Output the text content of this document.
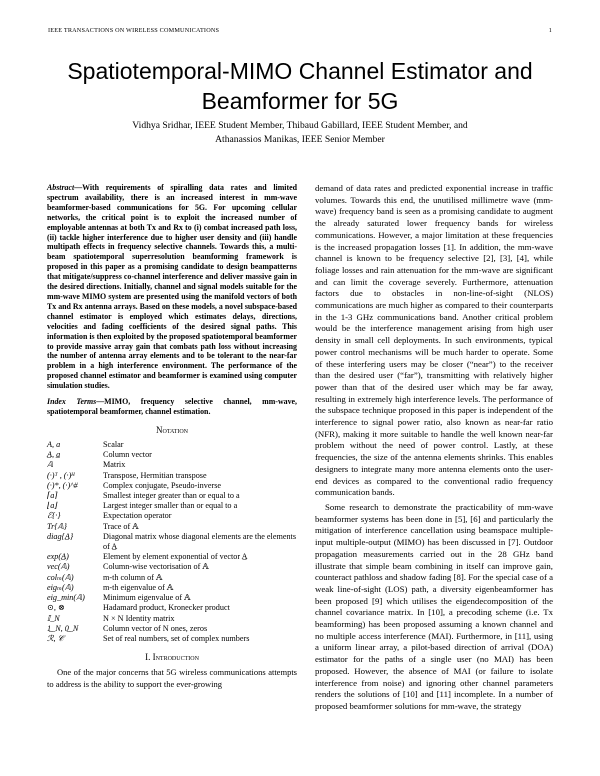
IEEE TRANSACTIONS ON WIRELESS COMMUNICATIONS	1
Spatiotemporal-MIMO Channel Estimator and Beamformer for 5G
Vidhya Sridhar, IEEE Student Member, Thibaud Gabillard, IEEE Student Member, and
Athanassios Manikas, IEEE Senior Member
Abstract—With requirements of spiralling data rates and limited spectrum availability, there is an increased interest in mm-wave beamformer-based communications for 5G. For upcoming cellular networks, the critical point is to exploit the increased number of employable antennas at both Tx and Rx to (i) combat increased path loss, (ii) tackle higher interference due to higher user density and (iii) handle multipath effects in frequency selective channels. Towards this, a multi-beam spatiotemporal superresolution beamforming framework is proposed in this paper as a promising candidate to design beampatterns that mitigate/suppress co-channel interference and deliver massive gain in the desired directions. Initially, channel and signal models suitable for the mm-wave MIMO system are presented using the manifold vectors of both Tx and Rx antenna arrays. Based on these models, a novel subspace-based channel estimator is employed which estimates delays, directions, velocities and fading coefficients of the desired signal paths. This information is then exploited by the proposed spatiotemporal beamformer to provide massive array gain that combats path loss without increasing the number of antenna array elements and to be tolerant to the near-far problem in a high interference environment. The performance of the proposed channel estimator and beamformer is examined using computer simulation studies.
Index Terms—MIMO, frequency selective channel, mm-wave, spatiotemporal beamformer, channel estimation.
Notation
A, a	Scalar
A̲, a̲	Column vector
𝔸	Matrix
(·)ᵀ , (·)ᴴ	Transpose, Hermitian transpose
(·)*, (·)^#	Complex conjugate, Pseudo-inverse
⌈a⌉	Smallest integer greater than or equal to a
⌊a⌋	Largest integer smaller than or equal to a
ℰ{·}	Expectation operator
Tr{𝔸}	Trace of 𝔸
diag{A̲}	Diagonal matrix whose diagonal elements are the elements of A̲
exp(A̲)	Element by element exponential of vector A̲
vec(𝔸)	Column-wise vectorisation of 𝔸
colₘ(𝔸)	m-th column of 𝔸
eigₘ(𝔸)	m-th eigenvalue of 𝔸
eig_min(𝔸)	Minimum eigenvalue of 𝔸
⊙, ⊗	Hadamard product, Kronecker product
𝕀_N	N × N Identity matrix
1̲_N, 0̲_N	Column vector of N ones, zeros
ℛ, 𝒞	Set of real numbers, set of complex numbers
I. Introduction

One of the major concerns that 5G wireless communications attempts to address is the ability to support the ever-growing

demand of data rates and predicted exponential increase in traffic volumes. Towards this end, the unutilised millimetre wave (mm-wave) frequency band is seen as a promising candidate to augment the already saturated lower frequency bands for wireless communications. However, a major limitation at these frequencies is the increased propagation losses [1]. In addition, the mm-wave channel is known to be frequency selective [2], [3], [4], while foliage losses and rain attenuation for the mm-wave are significant and can limit the coverage severely. Furthermore, attenuation factors due to obstacles in non-line-of-sight (NLOS) communications are much higher as compared to their counterparts in the 1-3 GHz communications band. Another critical problem would be the interference management arising from high user density in small cell deployments. In such environments, typical power control mechanisms will be much harder to operate. Some of these interfering users may be closer (“near”) to the receiver than the desired user (“far”), transmitting with relatively higher power than that of the desired user which may be far away, resulting in extremely high interference levels. The performance of the subspace technique proposed in this paper is independent of the interference to signal power ratio, also known as near-far ratio (NFR), making it more suitable to handle the well known near-far problem without the need of power control. Lastly, at these frequencies, the size of the antenna elements shrinks. This enables designers to integrate many more antenna elements onto the user-end devices as compared to the conventional radio frequency communication bands.

Some research to demonstrate the practicability of mm-wave beamformer systems has been done in [5], [6] and particularly the mitigation of interference cancellation using beamspace multiple-input multiple-output (MIMO) has been discussed in [7]. Outdoor propagation measurements carried out in the 28 GHz band illustrate that simple beam combining in itself can improve gain, counteract pathloss and shadow fading [8]. For the special case of a weak line-of-sight (LOS) path, a diversity eigenbeamformer has been proposed [9] which utilises the eigendecomposition of the channel covariance matrix. In [10], a precoding scheme (i.e. Tx beamforming) has been proposed assuming a known channel and no multiple access interference (MAI). Furthermore, in [11], using a uniform linear array, a pilot-based direction of arrival (DOA) estimator for the paths of a single user (no MAI) has been proposed. However, the absence of MAI (or failure to isolate interference from noise) and ignoring other channel parameters renders the solutions of [10] and [11] incomplete. In a number of proposed beamformer solutions for mm-wave, the strategy
